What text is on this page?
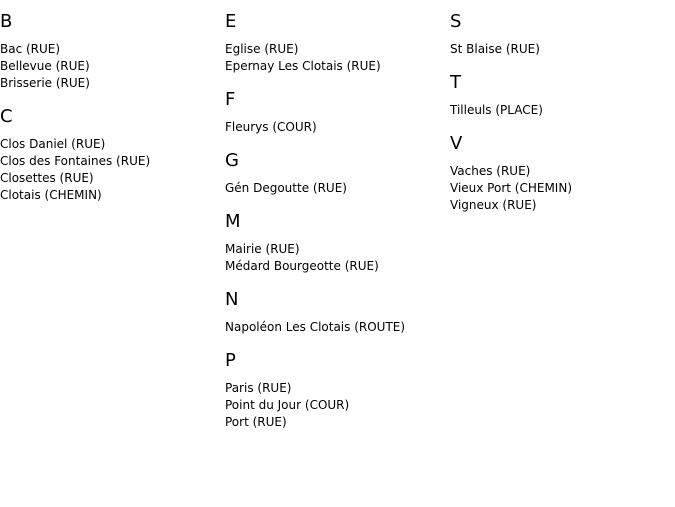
B
Bac (RUE)
Bellevue (RUE)
Brisserie (RUE)
C
Clos Daniel (RUE)
Clos des Fontaines (RUE)
Closettes (RUE)
Clotais (CHEMIN)
E
Eglise (RUE)
Epernay Les Clotais (RUE)
F
Fleurys (COUR)
G
Gén Degoutte (RUE)
M
Mairie (RUE)
Médard Bourgeotte (RUE)
N
Napoléon Les Clotais (ROUTE)
P
Paris (RUE)
Point du Jour (COUR)
Port (RUE)
S
St Blaise (RUE)
T
Tilleuls (PLACE)
V
Vaches (RUE)
Vieux Port (CHEMIN)
Vigneux (RUE)
